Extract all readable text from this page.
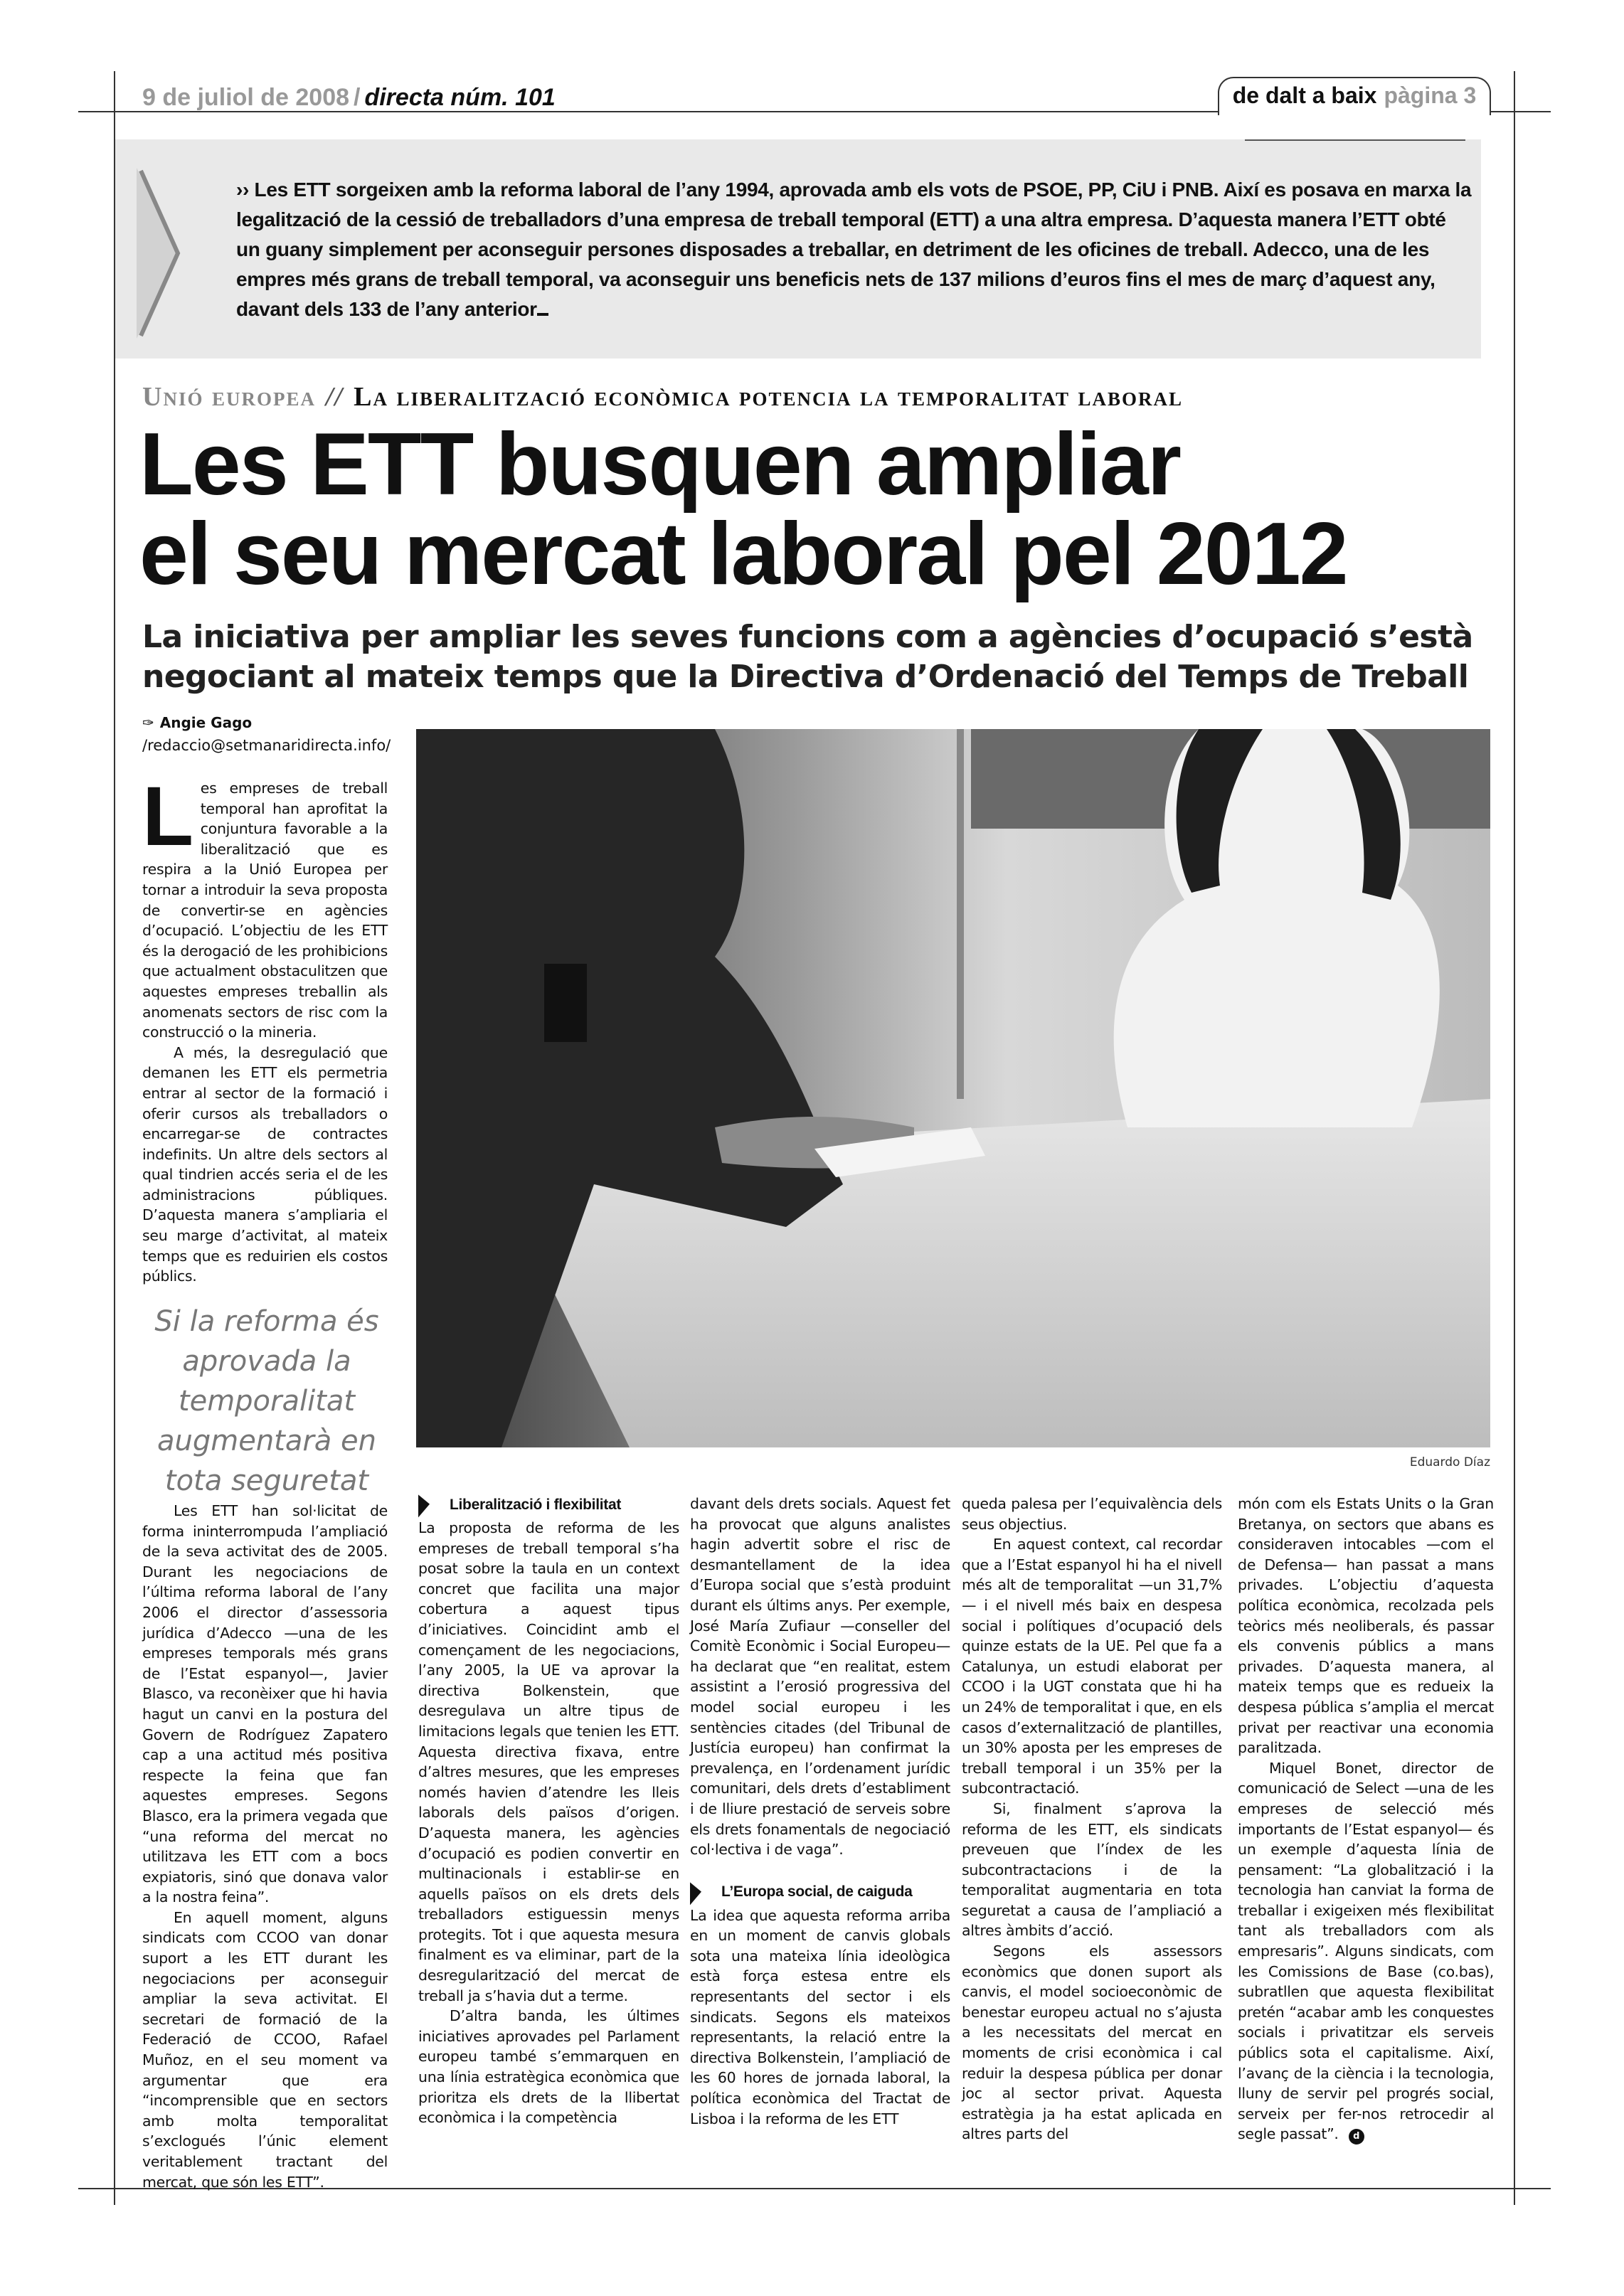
9 de juliol de 2008 / directa núm. 101	de dalt a baix pàgina 3

›› Les ETT sorgeixen amb la reforma laboral de l’any 1994, aprovada amb els vots de PSOE, PP, CiU i PNB. Així es posava en marxa la legalització de la cessió de treballadors d’una empresa de treball temporal (ETT) a una altra empresa. D’aquesta manera l’ETT obté un guany simplement per aconseguir persones disposades a treballar, en detriment de les oficines de treball. Adecco, una de les empres més grans de treball temporal, va aconseguir uns beneficis nets de 137 milions d’euros fins el mes de març d’aquest any, davant dels 133 de l’any anterior

Unió europea // La liberalització econòmica potencia la temporalitat laboral
Les ETT busquen ampliar
el seu mercat laboral pel 2012
La iniciativa per ampliar les seves funcions com a agències d’ocupació s’està
negociant al mateix temps que la Directiva d’Ordenació del Temps de Treball
✑ Angie Gago
/redaccio@setmanaridirecta.info/

Les empreses de treball temporal han aprofitat la conjuntura favorable a la liberalització que es respira a la Unió Europea per tornar a introduir la seva proposta de convertir-se en agències d’ocupació. L’objectiu de les ETT és la derogació de les prohibicions que actualment obstaculitzen que aquestes empreses treballin als anomenats sectors de risc com la construcció o la mineria.

A més, la desregulació que demanen les ETT els permetria entrar al sector de la formació i oferir cursos als treballadors o encarregar-se de contractes indefinits. Un altre dels sectors al qual tindrien accés seria el de les administracions públiques. D’aquesta manera s’ampliaria el seu marge d’activitat, al mateix temps que es reduirien els costos públics.

Si la reforma és aprovada la temporalitat augmentarà en tota seguretat
Eduardo Díaz

Les ETT han sol·licitat de forma ininterrompuda l’ampliació de la seva activitat des de 2005. Durant les negociacions de l’última reforma laboral de l’any 2006 el director d’assessoria jurídica d’Adecco —una de les empreses temporals més grans de l’Estat espanyol—, Javier Blasco, va reconèixer que hi havia hagut un canvi en la postura del Govern de Rodríguez Zapatero cap a una actitud més positiva respecte la feina que fan aquestes empreses. Segons Blasco, era la primera vegada que “una reforma del mercat no utilitzava les ETT com a bocs expiatoris, sinó que donava valor a la nostra feina”.

En aquell moment, alguns sindicats com CCOO van donar suport a les ETT durant les negociacions per aconseguir ampliar la seva activitat. El secretari de formació de la Federació de CCOO, Rafael Muñoz, en el seu moment va argumentar que era “incomprensible que en sectors amb molta temporalitat s’exclogués l’únic element veritablement tractant del mercat, que són les ETT”.

Liberalització i flexibilitat

La proposta de reforma de les empreses de treball temporal s’ha posat sobre la taula en un context concret que facilita una major cobertura a aquest tipus d’iniciatives. Coincidint amb el començament de les negociacions, l’any 2005, la UE va aprovar la directiva Bolkenstein, que desregulava un altre tipus de limitacions legals que tenien les ETT. Aquesta directiva fixava, entre d’altres mesures, que les empreses només havien d’atendre les lleis laborals dels països d’origen. D’aquesta manera, les agències d’ocupació es podien convertir en multinacionals i establir-se en aquells països on els drets dels treballadors estiguessin menys protegits. Tot i que aquesta mesura finalment es va eliminar, part de la desregularització del mercat de treball ja s’havia dut a terme.

D’altra banda, les últimes iniciatives aprovades pel Parlament europeu també s’emmarquen en una línia estratègica econòmica que prioritza els drets de la llibertat econòmica i la competència

davant dels drets socials. Aquest fet ha provocat que alguns analistes hagin advertit sobre el risc de desmantellament de la idea d’Europa social que s’està produint durant els últims anys. Per exemple, José María Zufiaur —conseller del Comitè Econòmic i Social Europeu— ha declarat que “en realitat, estem assistint a l’erosió progressiva del model social europeu i les sentències citades (del Tribunal de Justícia europeu) han confirmat la prevalença, en l’ordenament jurídic comunitari, dels drets d’establiment i de lliure prestació de serveis sobre els drets fonamentals de negociació col·lectiva i de vaga”.

L’Europa social, de caiguda

La idea que aquesta reforma arriba en un moment de canvis globals sota una mateixa línia ideològica està força estesa entre els representants del sector i els sindicats. Segons els mateixos representants, la relació entre la directiva Bolkenstein, l’ampliació de les 60 hores de jornada laboral, la política econòmica del Tractat de Lisboa i la reforma de les ETT

queda palesa per l’equivalència dels seus objectius.

En aquest context, cal recordar que a l’Estat espanyol hi ha el nivell més alt de temporalitat —un 31,7%— i el nivell més baix en despesa social i polítiques d’ocupació dels quinze estats de la UE. Pel que fa a Catalunya, un estudi elaborat per CCOO i la UGT constata que hi ha un 24% de temporalitat i que, en els casos d’externalització de plantilles, un 30% aposta per les empreses de treball temporal i un 35% per la subcontractació.

Si, finalment s’aprova la reforma de les ETT, els sindicats preveuen que l’índex de les subcontractacions i de la temporalitat augmentaria en tota seguretat a causa de l’ampliació a altres àmbits d’acció.

Segons els assessors econòmics que donen suport als canvis, el model socioeconòmic de benestar europeu actual no s’ajusta a les necessitats del mercat en moments de crisi econòmica i cal reduir la despesa pública per donar joc al sector privat. Aquesta estratègia ja ha estat aplicada en altres parts del

món com els Estats Units o la Gran Bretanya, on sectors que abans es consideraven intocables —com el de Defensa— han passat a mans privades. L’objectiu d’aquesta política econòmica, recolzada pels teòrics més neoliberals, és passar els convenis públics a mans privades. D’aquesta manera, al mateix temps que es redueix la despesa pública s’amplia el mercat privat per reactivar una economia paralitzada.

Miquel Bonet, director de comunicació de Select —una de les empreses de selecció més importants de l’Estat espanyol— és un exemple d’aquesta línia de pensament: “La globalització i la tecnologia han canviat la forma de treballar i exigeixen més flexibilitat tant als treballadors com als empresaris”. Alguns sindicats, com les Comissions de Base (co.bas), subratllen que aquesta flexibilitat pretén “acabar amb les conquestes socials i privatitzar els serveis públics sota el capitalisme. Així, l’avanç de la ciència i la tecnologia, lluny de servir pel progrés social, serveix per fer-nos retrocedir al segle passat”. d
